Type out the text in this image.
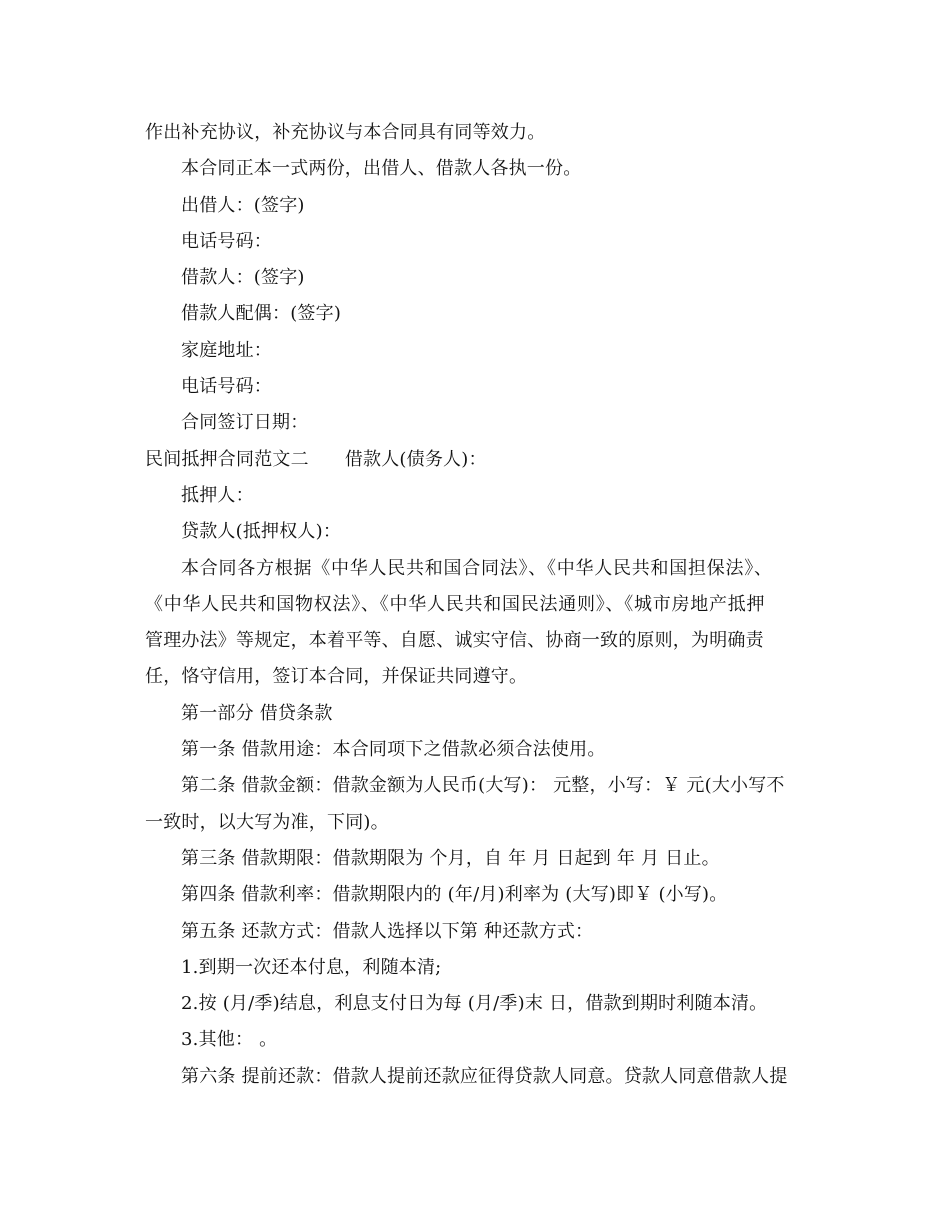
作出补充协议，补充协议与本合同具有同等效力。
本合同正本一式两份，出借人、借款人各执一份。
出借人：(签字)
电话号码：
借款人：(签字)
借款人配偶：(签字)
家庭地址：
电话号码：
合同签订日期：
民间抵押合同范文二 借款人(债务人)：
抵押人：
贷款人(抵押权人)：
本合同各方根据《中华人民共和国合同法》、《中华人民共和国担保法》、
《中华人民共和国物权法》、《中华人民共和国民法通则》、《城市房地产抵押
管理办法》等规定，本着平等、自愿、诚实守信、协商一致的原则，为明确责
任，恪守信用，签订本合同，并保证共同遵守。
第一部分 借贷条款
第一条 借款用途：本合同项下之借款必须合法使用。
第二条 借款金额：借款金额为人民币(大写)： 元整，小写：￥ 元(大小写不
一致时，以大写为准，下同)。
第三条 借款期限：借款期限为 个月，自 年 月 日起到 年 月 日止。
第四条 借款利率：借款期限内的 (年/月)利率为 (大写)即￥ (小写)。
第五条 还款方式：借款人选择以下第 种还款方式：
1.到期一次还本付息，利随本清;
2.按 (月/季)结息，利息支付日为每 (月/季)末 日，借款到期时利随本清。
3.其他： 。
第六条 提前还款：借款人提前还款应征得贷款人同意。贷款人同意借款人提
